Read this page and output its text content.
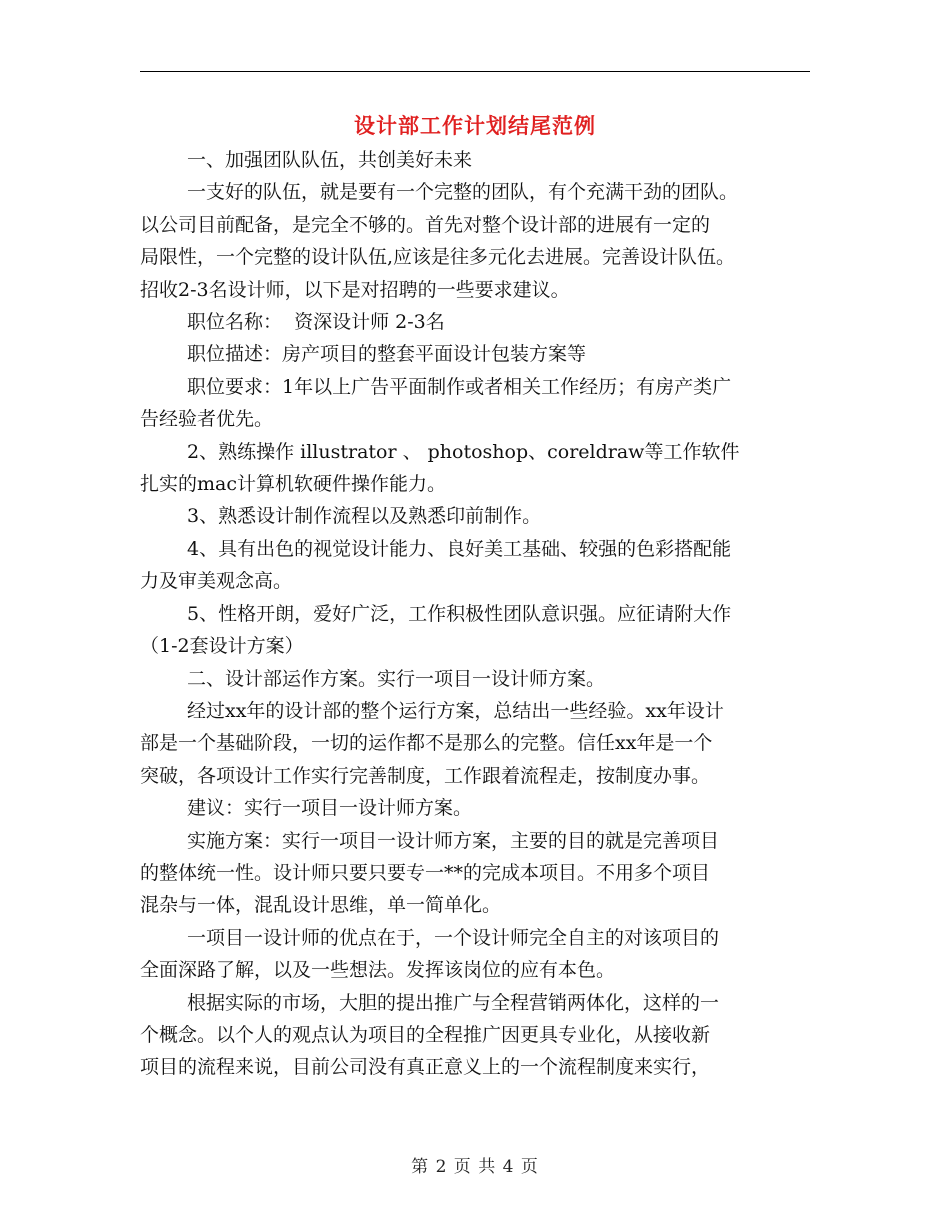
设计部工作计划结尾范例
一、加强团队队伍，共创美好未来
一支好的队伍，就是要有一个完整的团队，有个充满干劲的团队。
以公司目前配备，是完全不够的。首先对整个设计部的进展有一定的
局限性，一个完整的设计队伍,应该是往多元化去进展。完善设计队伍。
招收2-3名设计师，以下是对招聘的一些要求建议。
职位名称：  资深设计师 2-3名
职位描述：房产项目的整套平面设计包装方案等
职位要求：1年以上广告平面制作或者相关工作经历；有房产类广
告经验者优先。
2、熟练操作 illustrator 、 photoshop、coreldraw等工作软件
扎实的mac计算机软硬件操作能力。
3、熟悉设计制作流程以及熟悉印前制作。
4、具有出色的视觉设计能力、良好美工基础、较强的色彩搭配能
力及审美观念高。
5、性格开朗，爱好广泛，工作积极性团队意识强。应征请附大作
（1-2套设计方案）
二、设计部运作方案。实行一项目一设计师方案。
经过xx年的设计部的整个运行方案，总结出一些经验。xx年设计
部是一个基础阶段，一切的运作都不是那么的完整。信任xx年是一个
突破，各项设计工作实行完善制度，工作跟着流程走，按制度办事。
建议：实行一项目一设计师方案。
实施方案：实行一项目一设计师方案，主要的目的就是完善项目
的整体统一性。设计师只要只要专一**的完成本项目。不用多个项目
混杂与一体，混乱设计思维，单一简单化。
一项目一设计师的优点在于，一个设计师完全自主的对该项目的
全面深路了解，以及一些想法。发挥该岗位的应有本色。
根据实际的市场，大胆的提出推广与全程营销两体化，这样的一
个概念。以个人的观点认为项目的全程推广因更具专业化，从接收新
项目的流程来说，目前公司没有真正意义上的一个流程制度来实行，
第 2 页 共 4 页
